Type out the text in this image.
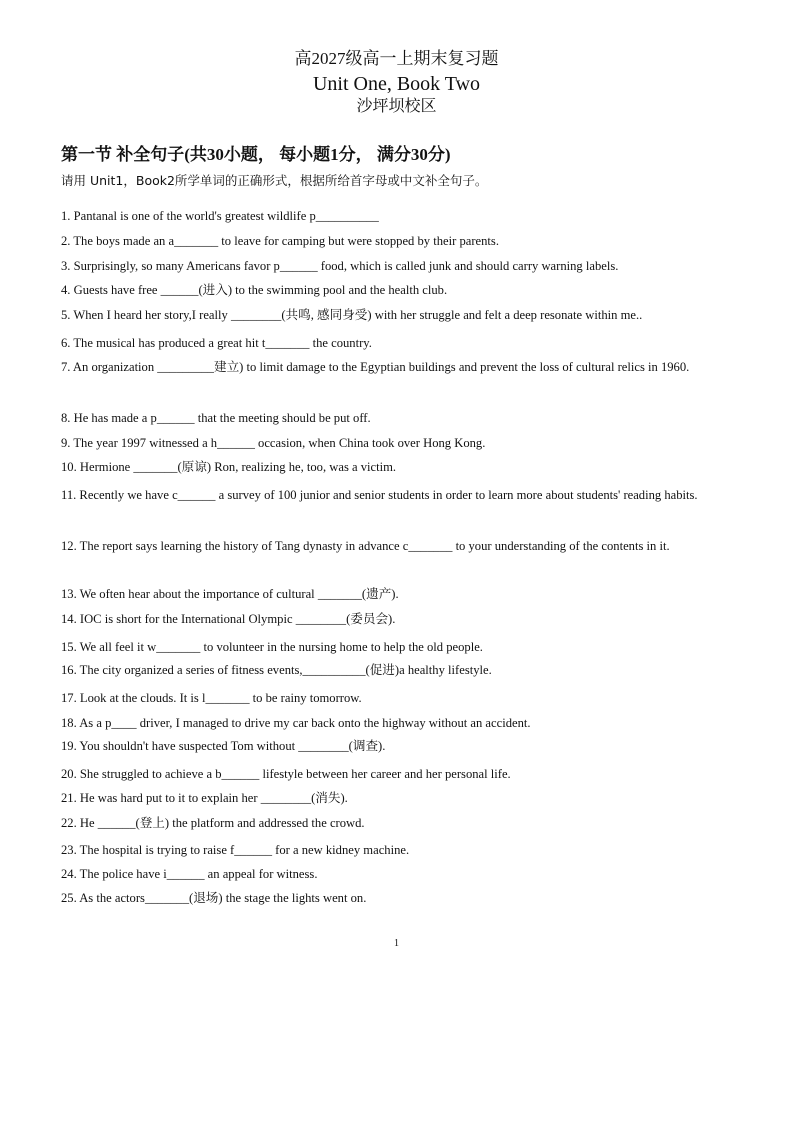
高2027级高一上期末复习题
Unit One, Book Two
沙坪坝校区
第一节 补全句子(共30小题， 每小题1分， 满分30分)
请用 Unit1，Book2所学单词的正确形式，根据所给首字母或中文补全句子。
1. Pantanal is one of the world's greatest wildlife p__________
2. The boys made an a_______ to leave for camping but were stopped by their parents.
3. Surprisingly, so many Americans favor p______ food, which is called junk and should carry warning labels.
4. Guests have free ______(进入) to the swimming pool and the health club.
5. When I heard her story,I really ________(共鸣, 感同身受) with her struggle and felt a deep resonate within me..
6. The musical has produced a great hit t_______ the country.
7. An organization _________建立) to limit damage to the Egyptian buildings and prevent the loss of cultural relics in 1960.
8. He has made a p______ that the meeting should be put off.
9. The year 1997 witnessed a h______ occasion, when China took over Hong Kong.
10. Hermione _______(原谅) Ron, realizing he, too, was a victim.
11. Recently we have c______ a survey of 100 junior and senior students in order to learn more about students' reading habits.
12. The report says learning the history of Tang dynasty in advance c_______ to your understanding of the contents in it.
13. We often hear about the importance of cultural _______(遗产).
14. IOC is short for the International Olympic ________(委员会).
15. We all feel it w_______ to volunteer in the nursing home to help the old people.
16. The city organized a series of fitness events,__________(促进)a healthy lifestyle.
17. Look at the clouds. It is l_______ to be rainy tomorrow.
18. As a p____ driver, I managed to drive my car back onto the highway without an accident.
19. You shouldn't have suspected Tom without ________(调查).
20. She struggled to achieve a b______ lifestyle between her career and her personal life.
21. He was hard put to it to explain her ________(消失).
22. He ______(登上) the platform and addressed the crowd.
23. The hospital is trying to raise f______ for a new kidney machine.
24. The police have i______ an appeal for witness.
25. As the actors_______(退场) the stage the lights went on.
1
